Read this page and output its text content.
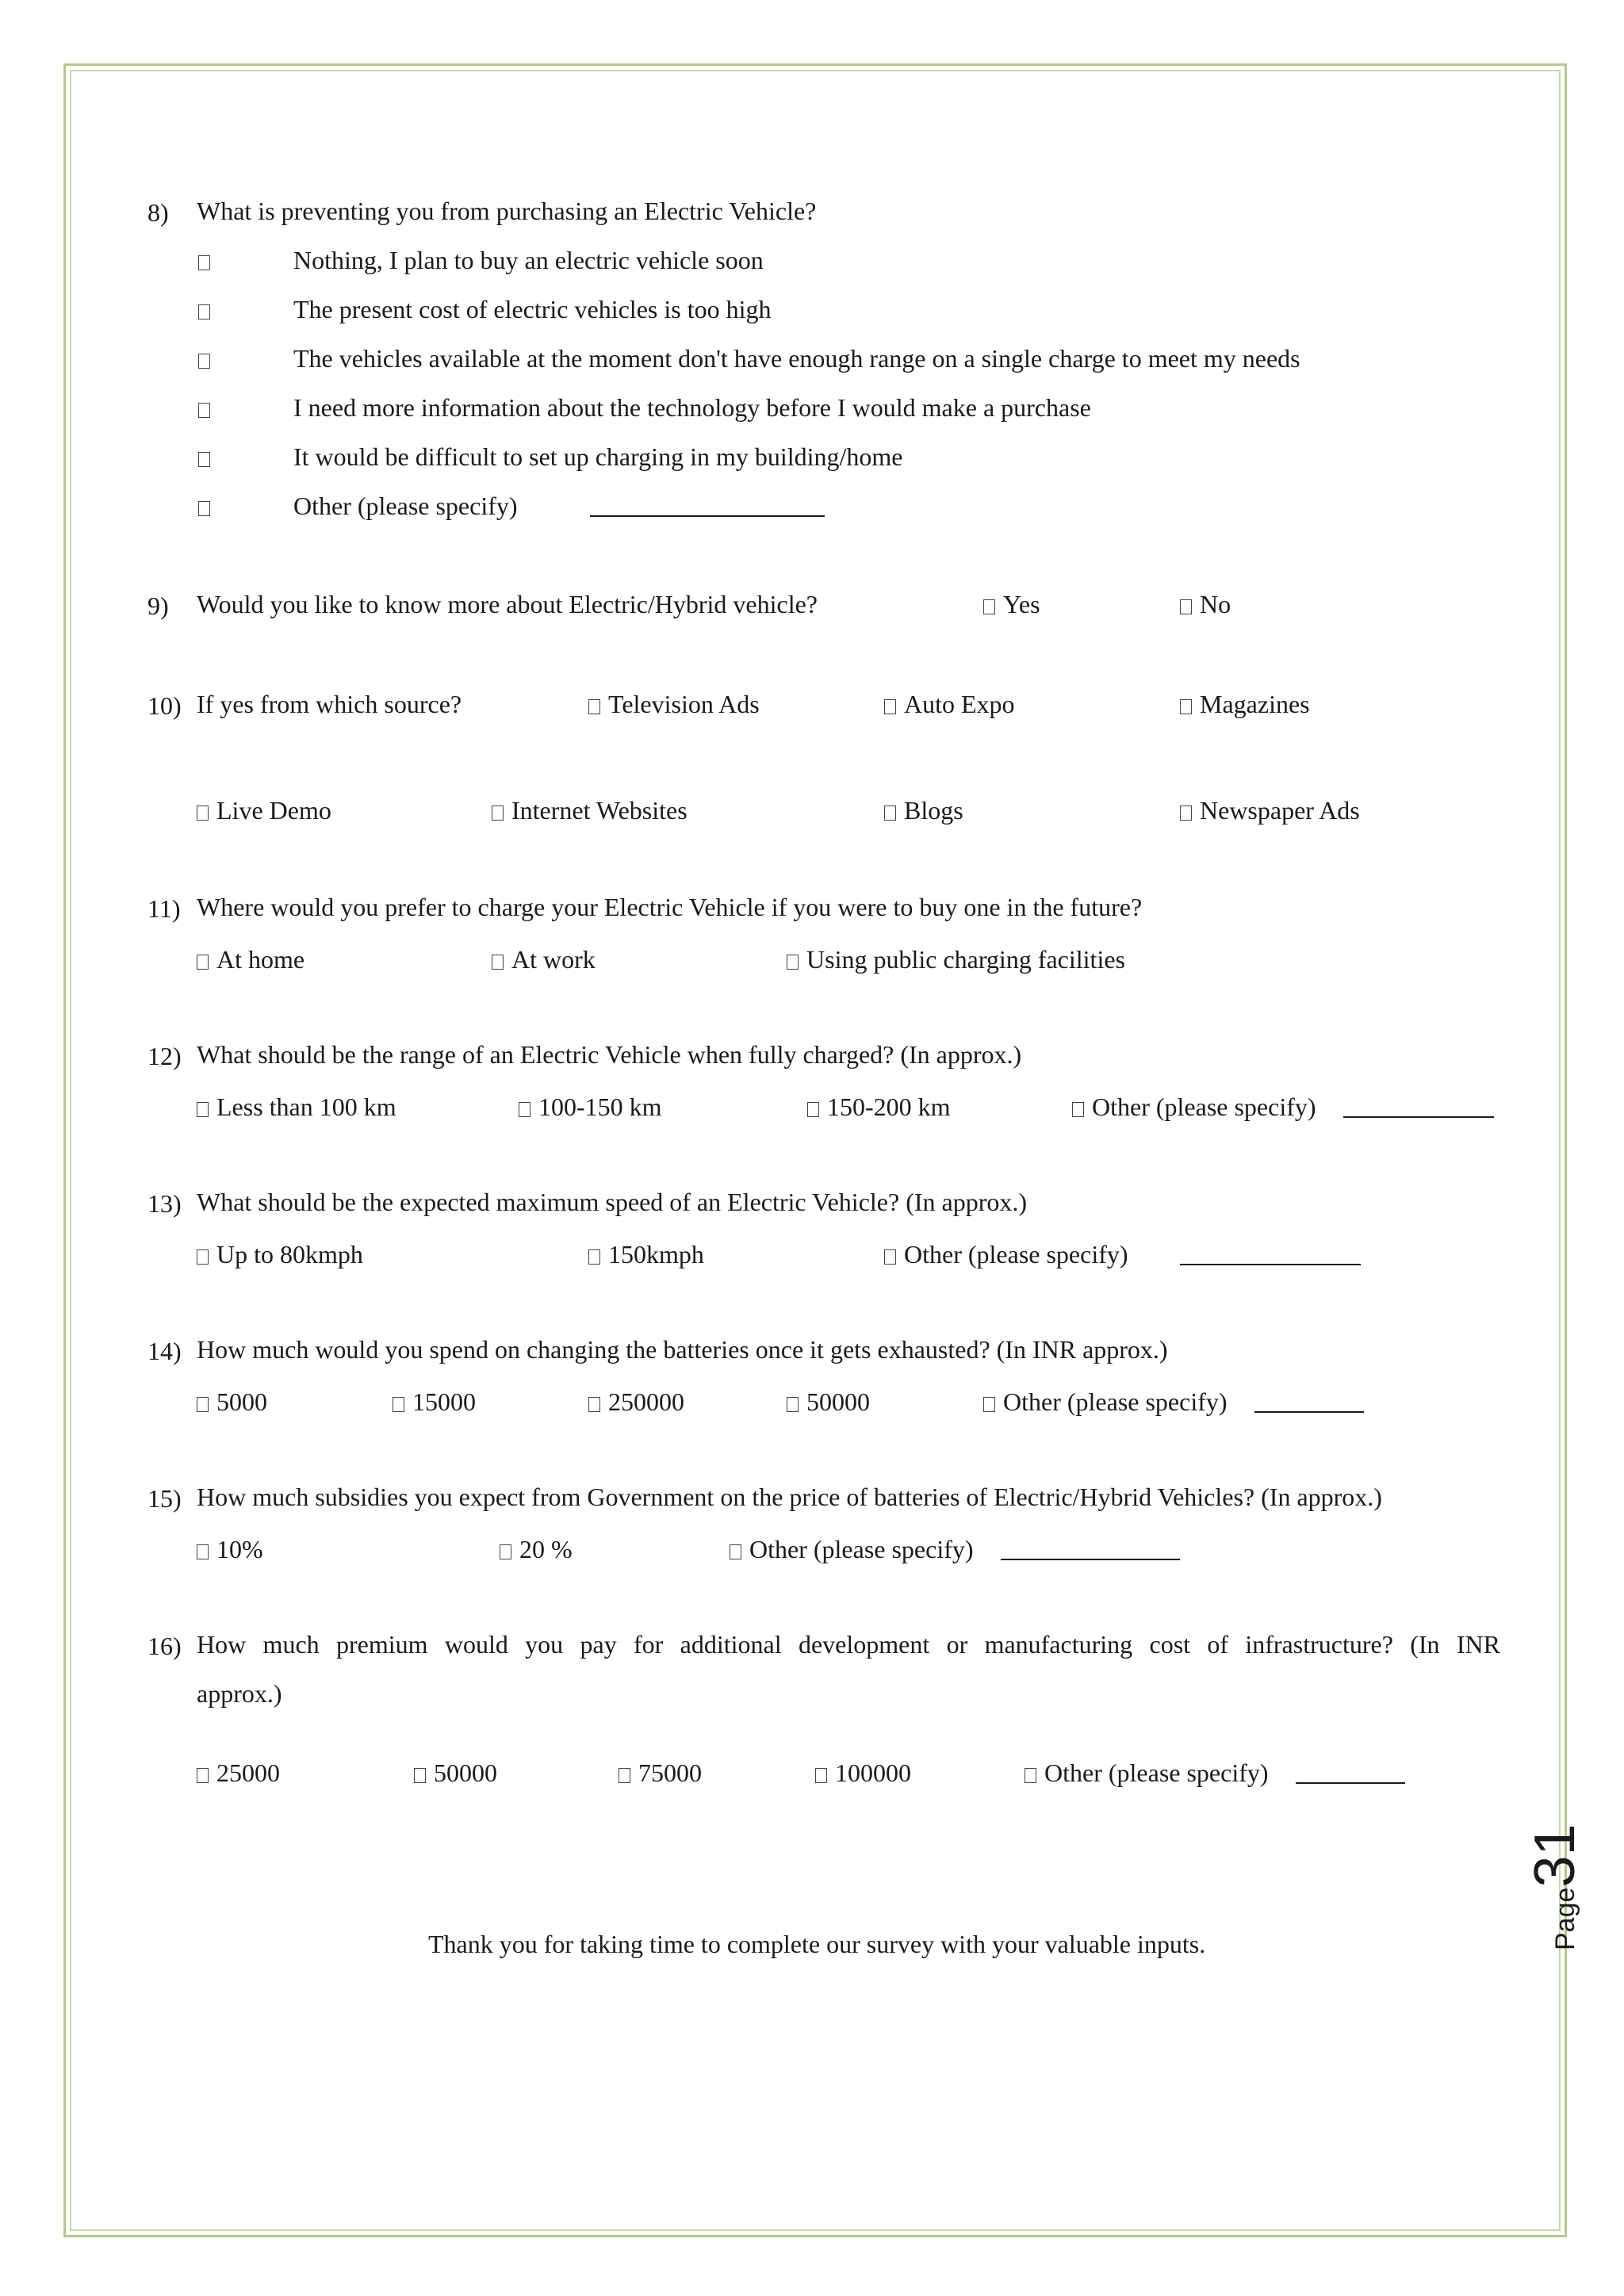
8) What is preventing you from purchasing an Electric Vehicle?
Nothing, I plan to buy an electric vehicle soon
The present cost of electric vehicles is too high
The vehicles available at the moment don't have enough range on a single charge to meet my needs
I need more information about the technology before I would make a purchase
It would be difficult to set up charging in my building/home
Other (please specify)
9) Would you like to know more about Electric/Hybrid vehicle?	Yes	No
10) If yes from which source?	Television Ads	Auto Expo	Magazines
Live Demo	Internet Websites	Blogs	Newspaper Ads
11) Where would you prefer to charge your Electric Vehicle if you were to buy one in the future?
At home	At work	Using public charging facilities
12) What should be the range of an Electric Vehicle when fully charged? (In approx.)
Less than 100 km	100-150 km	150-200 km	Other (please specify)
13) What should be the expected maximum speed of an Electric Vehicle? (In approx.)
Up to 80kmph	150kmph	Other (please specify)
14) How much would you spend on changing the batteries once it gets exhausted? (In INR approx.)
5000	15000	250000	50000	Other (please specify)
15) How much subsidies you expect from Government on the price of batteries of Electric/Hybrid Vehicles? (In approx.)
10%	20 %	Other (please specify)
16) How much premium would you pay for additional development or manufacturing cost of infrastructure? (In INR
approx.)
25000	50000	75000	100000	Other (please specify)
Thank you for taking time to complete our survey with your valuable inputs.	Page31
